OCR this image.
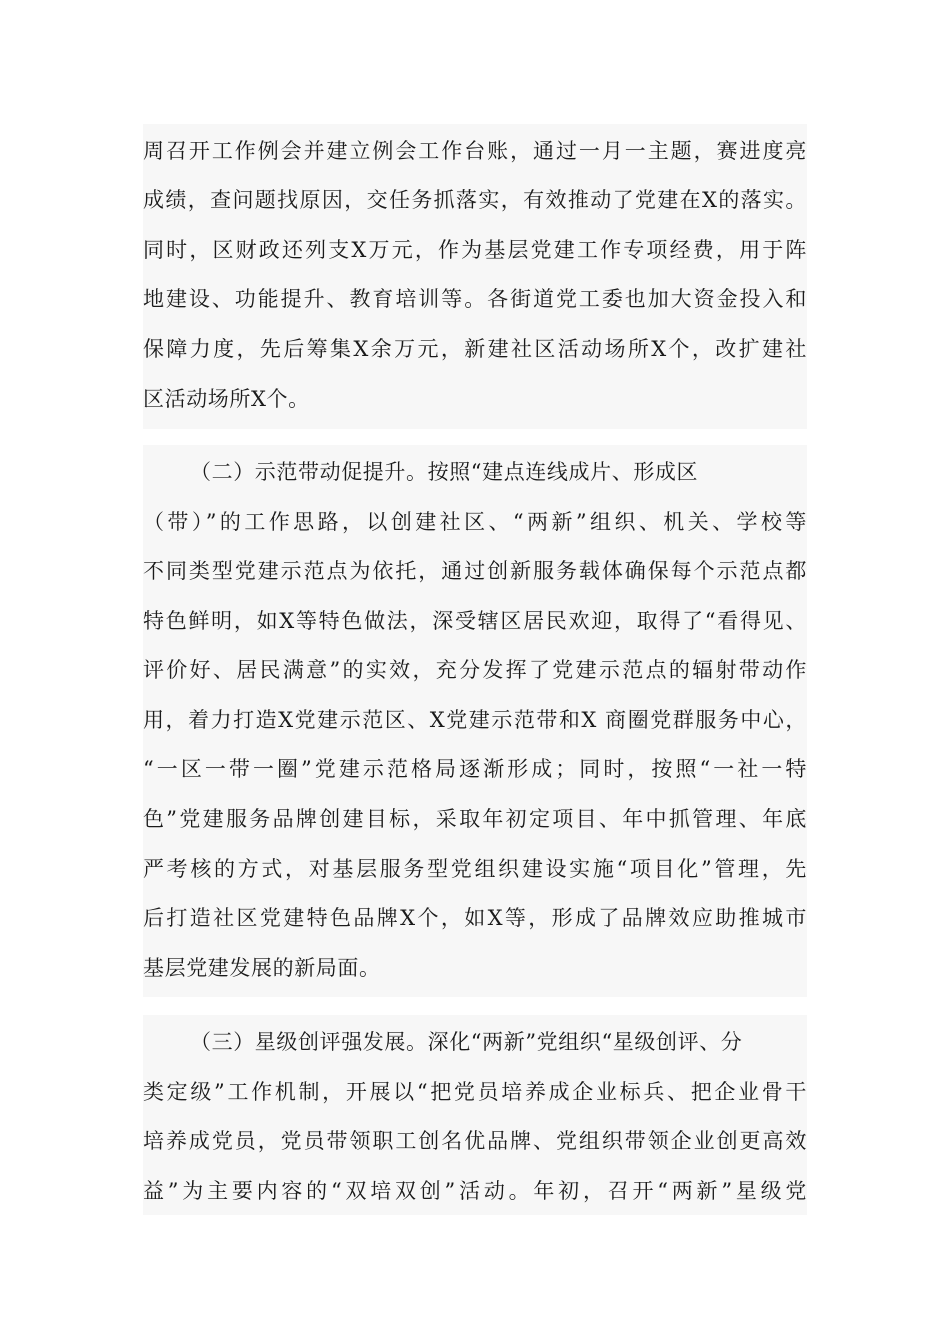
周召开工作例会并建立例会工作台账，通过一月一主题，赛进度亮
成绩，查问题找原因，交任务抓落实，有效推动了党建在X的落实。
同时，区财政还列支X万元，作为基层党建工作专项经费，用于阵
地建设、功能提升、教育培训等。各街道党工委也加大资金投入和
保障力度，先后筹集X余万元，新建社区活动场所X个，改扩建社
区活动场所X个。
（二）示范带动促提升。按照“建点连线成片、形成区
（带）”的工作思路，以创建社区、“两新”组织、机关、学校等
不同类型党建示范点为依托，通过创新服务载体确保每个示范点都
特色鲜明，如X等特色做法，深受辖区居民欢迎，取得了“看得见、
评价好、居民满意”的实效，充分发挥了党建示范点的辐射带动作
用，着力打造X党建示范区、X党建示范带和X 商圈党群服务中心，
“一区一带一圈”党建示范格局逐渐形成；同时，按照“一社一特
色”党建服务品牌创建目标，采取年初定项目、年中抓管理、年底
严考核的方式，对基层服务型党组织建设实施“项目化”管理，先
后打造社区党建特色品牌X个，如X等，形成了品牌效应助推城市
基层党建发展的新局面。
（三）星级创评强发展。深化“两新”党组织“星级创评、分
类定级”工作机制，开展以“把党员培养成企业标兵、把企业骨干
培养成党员，党员带领职工创名优品牌、党组织带领企业创更高效
益”为主要内容的“双培双创”活动。年初，召开“两新”星级党
